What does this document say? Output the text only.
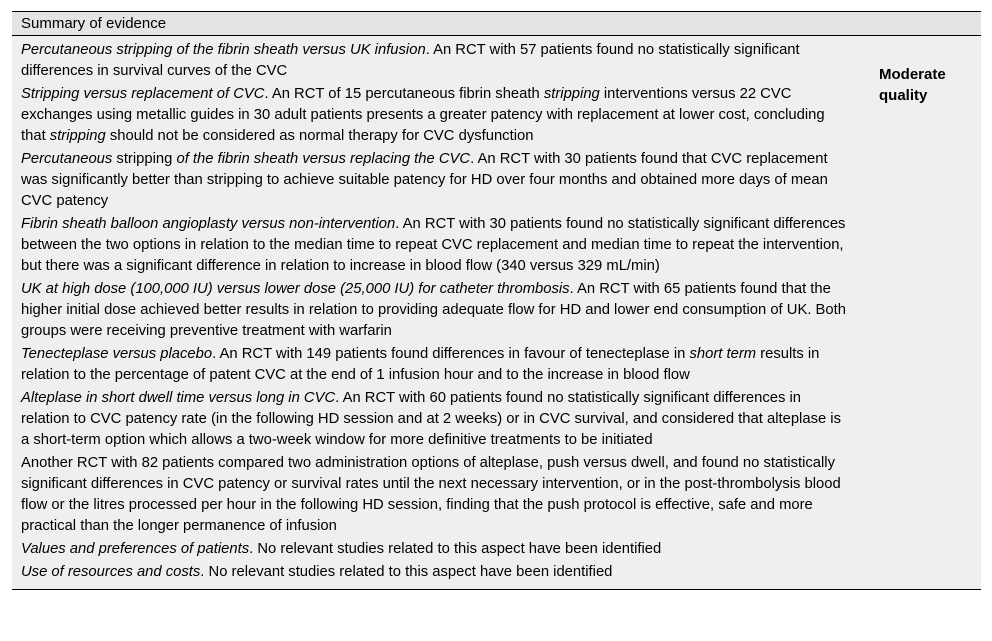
Summary of evidence
Percutaneous stripping of the fibrin sheath versus UK infusion. An RCT with 57 patients found no statistically significant differences in survival curves of the CVC
Stripping versus replacement of CVC. An RCT of 15 percutaneous fibrin sheath stripping interventions versus 22 CVC exchanges using metallic guides in 30 adult patients presents a greater patency with replacement at lower cost, concluding that stripping should not be considered as normal therapy for CVC dysfunction
Percutaneous stripping of the fibrin sheath versus replacing the CVC. An RCT with 30 patients found that CVC replacement was significantly better than stripping to achieve suitable patency for HD over four months and obtained more days of mean CVC patency
Fibrin sheath balloon angioplasty versus non-intervention. An RCT with 30 patients found no statistically significant differences between the two options in relation to the median time to repeat CVC replacement and median time to repeat the intervention, but there was a significant difference in relation to increase in blood flow (340 versus 329 mL/min)
UK at high dose (100,000 IU) versus lower dose (25,000 IU) for catheter thrombosis. An RCT with 65 patients found that the higher initial dose achieved better results in relation to providing adequate flow for HD and lower end consumption of UK. Both groups were receiving preventive treatment with warfarin
Tenecteplase versus placebo. An RCT with 149 patients found differences in favour of tenecteplase in short term results in relation to the percentage of patent CVC at the end of 1 infusion hour and to the increase in blood flow
Alteplase in short dwell time versus long in CVC. An RCT with 60 patients found no statistically significant differences in relation to CVC patency rate (in the following HD session and at 2 weeks) or in CVC survival, and considered that alteplase is a short-term option which allows a two-week window for more definitive treatments to be initiated
Another RCT with 82 patients compared two administration options of alteplase, push versus dwell, and found no statistically significant differences in CVC patency or survival rates until the next necessary intervention, or in the post-thrombolysis blood flow or the litres processed per hour in the following HD session, finding that the push protocol is effective, safe and more practical than the longer permanence of infusion
Values and preferences of patients. No relevant studies related to this aspect have been identified
Use of resources and costs. No relevant studies related to this aspect have been identified
Moderate quality
